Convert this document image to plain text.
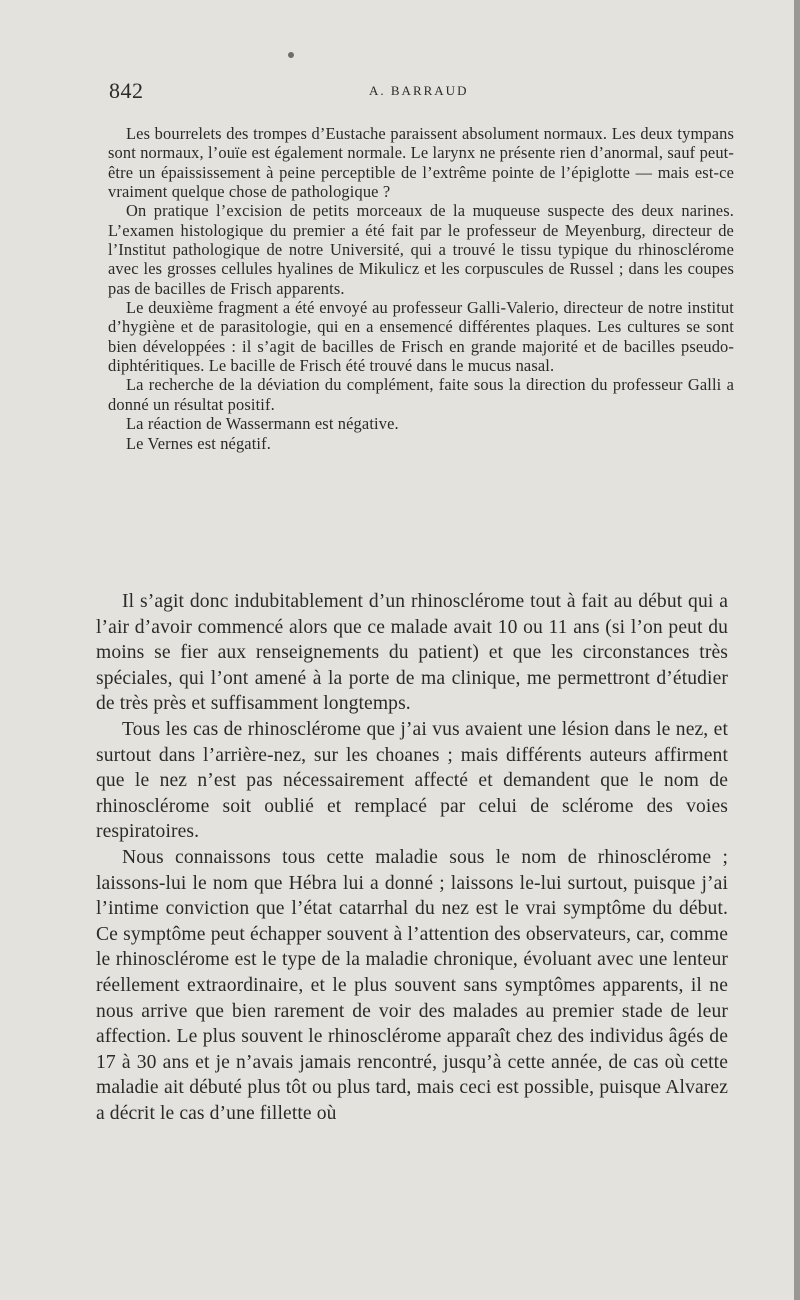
842	A. BARRAUD

Les bourrelets des trompes d’Eustache paraissent absolument normaux. Les deux tympans sont normaux, l’ouïe est également normale. Le larynx ne présente rien d’anormal, sauf peut-être un épaississement à peine perceptible de l’extrême pointe de l’épiglotte — mais est-ce vraiment quelque chose de pathologique ?

On pratique l’excision de petits morceaux de la muqueuse suspecte des deux narines. L’examen histologique du premier a été fait par le professeur de Meyenburg, directeur de l’Institut pathologique de notre Université, qui a trouvé le tissu typique du rhinosclérome avec les grosses cellules hyalines de Mikulicz et les corpuscules de Russel ; dans les coupes pas de bacilles de Frisch apparents.

Le deuxième fragment a été envoyé au professeur Galli-Valerio, directeur de notre institut d’hygiène et de parasitologie, qui en a ensemencé différentes plaques. Les cultures se sont bien développées : il s’agit de bacilles de Frisch en grande majorité et de bacilles pseudo-diphtéritiques. Le bacille de Frisch été trouvé dans le mucus nasal.

La recherche de la déviation du complément, faite sous la direction du professeur Galli a donné un résultat positif.

La réaction de Wassermann est négative.

Le Vernes est négatif.

Il s’agit donc indubitablement d’un rhinosclérome tout à fait au début qui a l’air d’avoir commencé alors que ce malade avait 10 ou 11 ans (si l’on peut du moins se fier aux renseignements du patient) et que les circonstances très spéciales, qui l’ont amené à la porte de ma clinique, me permettront d’étudier de très près et suffisamment longtemps.

Tous les cas de rhinosclérome que j’ai vus avaient une lésion dans le nez, et surtout dans l’arrière-nez, sur les choanes ; mais différents auteurs affirment que le nez n’est pas nécessairement affecté et demandent que le nom de rhinosclérome soit oublié et remplacé par celui de sclérome des voies respiratoires.

Nous connaissons tous cette maladie sous le nom de rhinosclérome ; laissons-lui le nom que Hébra lui a donné ; laissons le-lui surtout, puisque j’ai l’intime conviction que l’état catarrhal du nez est le vrai symptôme du début. Ce symptôme peut échapper souvent à l’attention des observateurs, car, comme le rhinosclérome est le type de la maladie chronique, évoluant avec une lenteur réellement extraordinaire, et le plus souvent sans symptômes apparents, il ne nous arrive que bien rarement de voir des malades au premier stade de leur affection. Le plus souvent le rhinosclérome apparaît chez des individus âgés de 17 à 30 ans et je n’avais jamais rencontré, jusqu’à cette année, de cas où cette maladie ait débuté plus tôt ou plus tard, mais ceci est possible, puisque Alvarez a décrit le cas d’une fillette où
